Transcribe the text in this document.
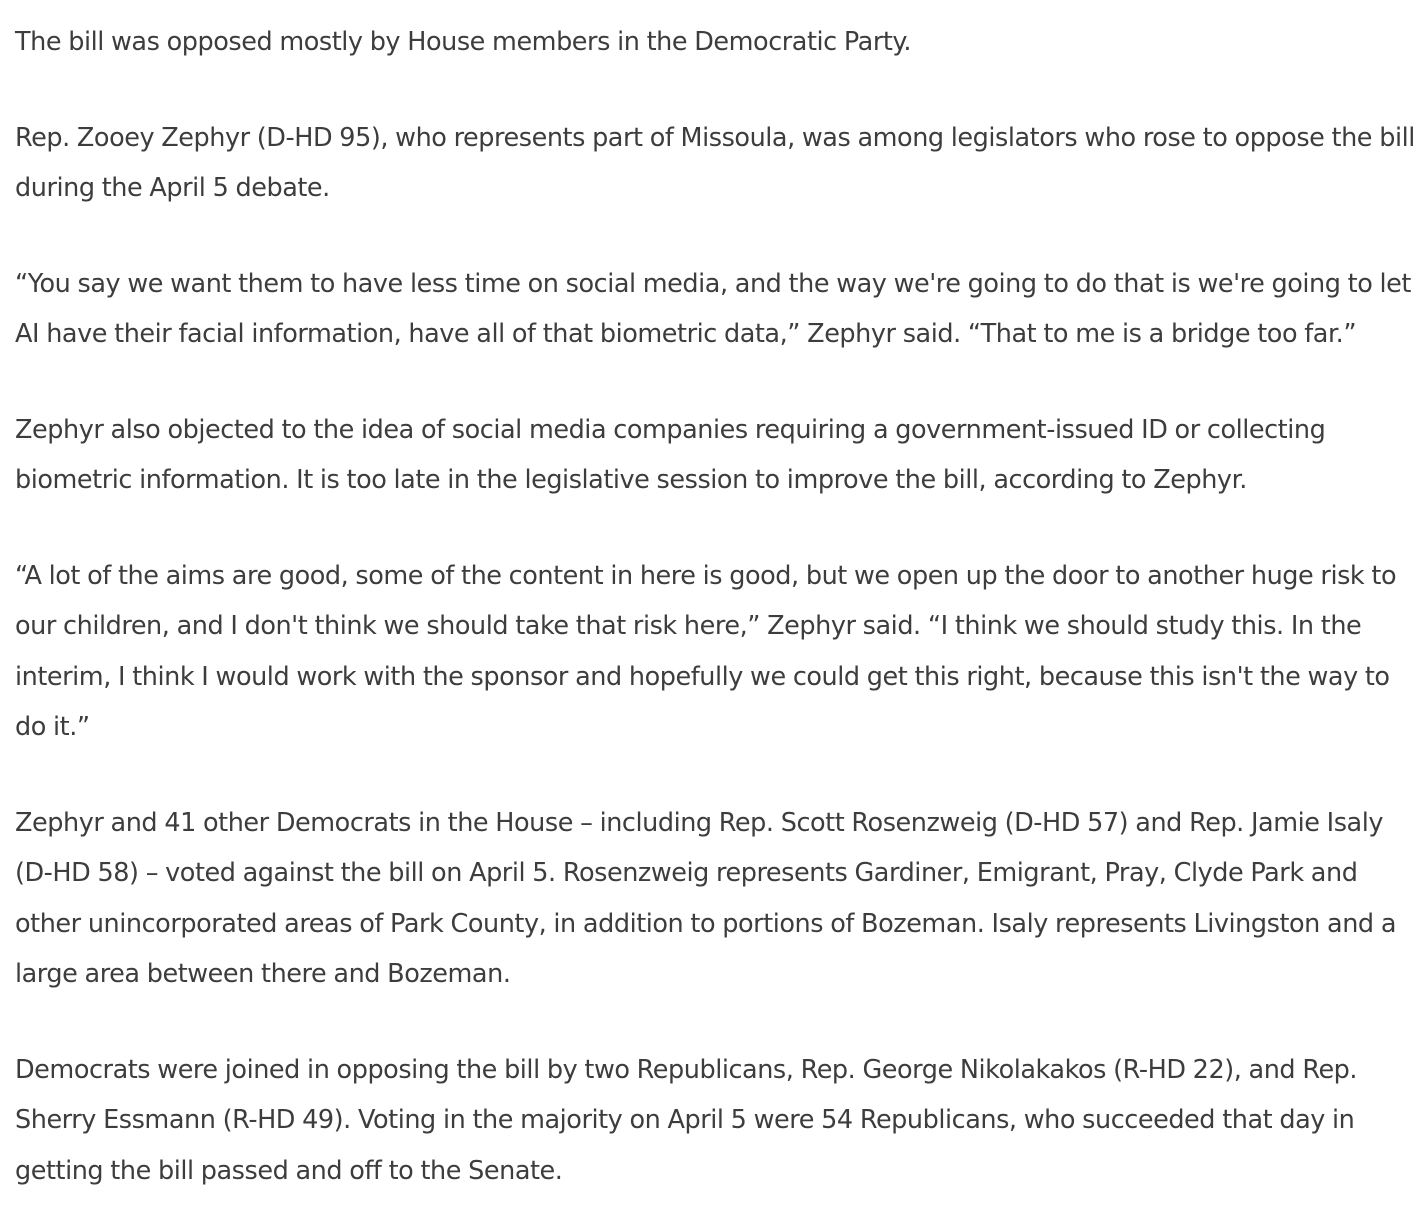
The bill was opposed mostly by House members in the Democratic Party.

Rep. Zooey Zephyr (D-HD 95), who represents part of Missoula, was among legislators who rose to oppose the bill during the April 5 debate.

“You say we want them to have less time on social media, and the way we're going to do that is we're going to let AI have their facial information, have all of that biometric data,” Zephyr said. “That to me is a bridge too far.”

Zephyr also objected to the idea of social media companies requiring a government-issued ID or collecting biometric information. It is too late in the legislative session to improve the bill, according to Zephyr.

“A lot of the aims are good, some of the content in here is good, but we open up the door to another huge risk to our children, and I don't think we should take that risk here,” Zephyr said. “I think we should study this. In the interim, I think I would work with the sponsor and hopefully we could get this right, because this isn't the way to do it.”

Zephyr and 41 other Democrats in the House – including Rep. Scott Rosenzweig (D-HD 57) and Rep. Jamie Isaly (D-HD 58) – voted against the bill on April 5. Rosenzweig represents Gardiner, Emigrant, Pray, Clyde Park and other unincorporated areas of Park County, in addition to portions of Bozeman. Isaly represents Livingston and a large area between there and Bozeman.

Democrats were joined in opposing the bill by two Republicans, Rep. George Nikolakakos (R-HD 22), and Rep. Sherry Essmann (R-HD 49). Voting in the majority on April 5 were 54 Republicans, who succeeded that day in getting the bill passed and off to the Senate.
